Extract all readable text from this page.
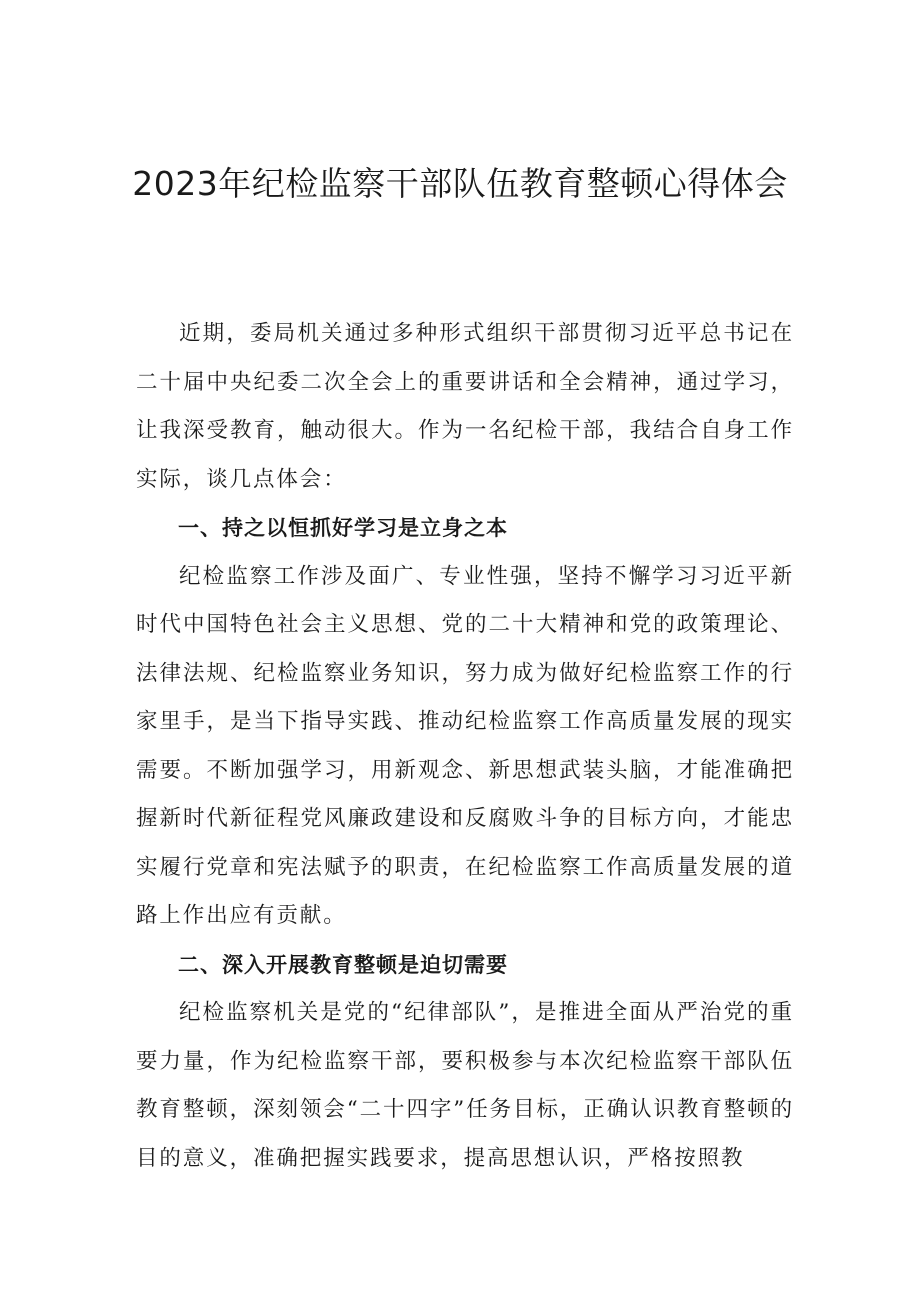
2023年纪检监察干部队伍教育整顿心得体会

近期，委局机关通过多种形式组织干部贯彻习近平总书记在二十届中央纪委二次全会上的重要讲话和全会精神，通过学习，让我深受教育，触动很大。作为一名纪检干部，我结合自身工作实际，谈几点体会：

一、持之以恒抓好学习是立身之本

纪检监察工作涉及面广、专业性强，坚持不懈学习习近平新时代中国特色社会主义思想、党的二十大精神和党的政策理论、法律法规、纪检监察业务知识，努力成为做好纪检监察工作的行家里手，是当下指导实践、推动纪检监察工作高质量发展的现实需要。不断加强学习，用新观念、新思想武装头脑，才能准确把握新时代新征程党风廉政建设和反腐败斗争的目标方向，才能忠实履行党章和宪法赋予的职责，在纪检监察工作高质量发展的道路上作出应有贡献。

二、深入开展教育整顿是迫切需要

纪检监察机关是党的“纪律部队”，是推进全面从严治党的重要力量，作为纪检监察干部，要积极参与本次纪检监察干部队伍教育整顿，深刻领会“二十四字”任务目标，正确认识教育整顿的目的意义，准确把握实践要求，提高思想认识，严格按照教
